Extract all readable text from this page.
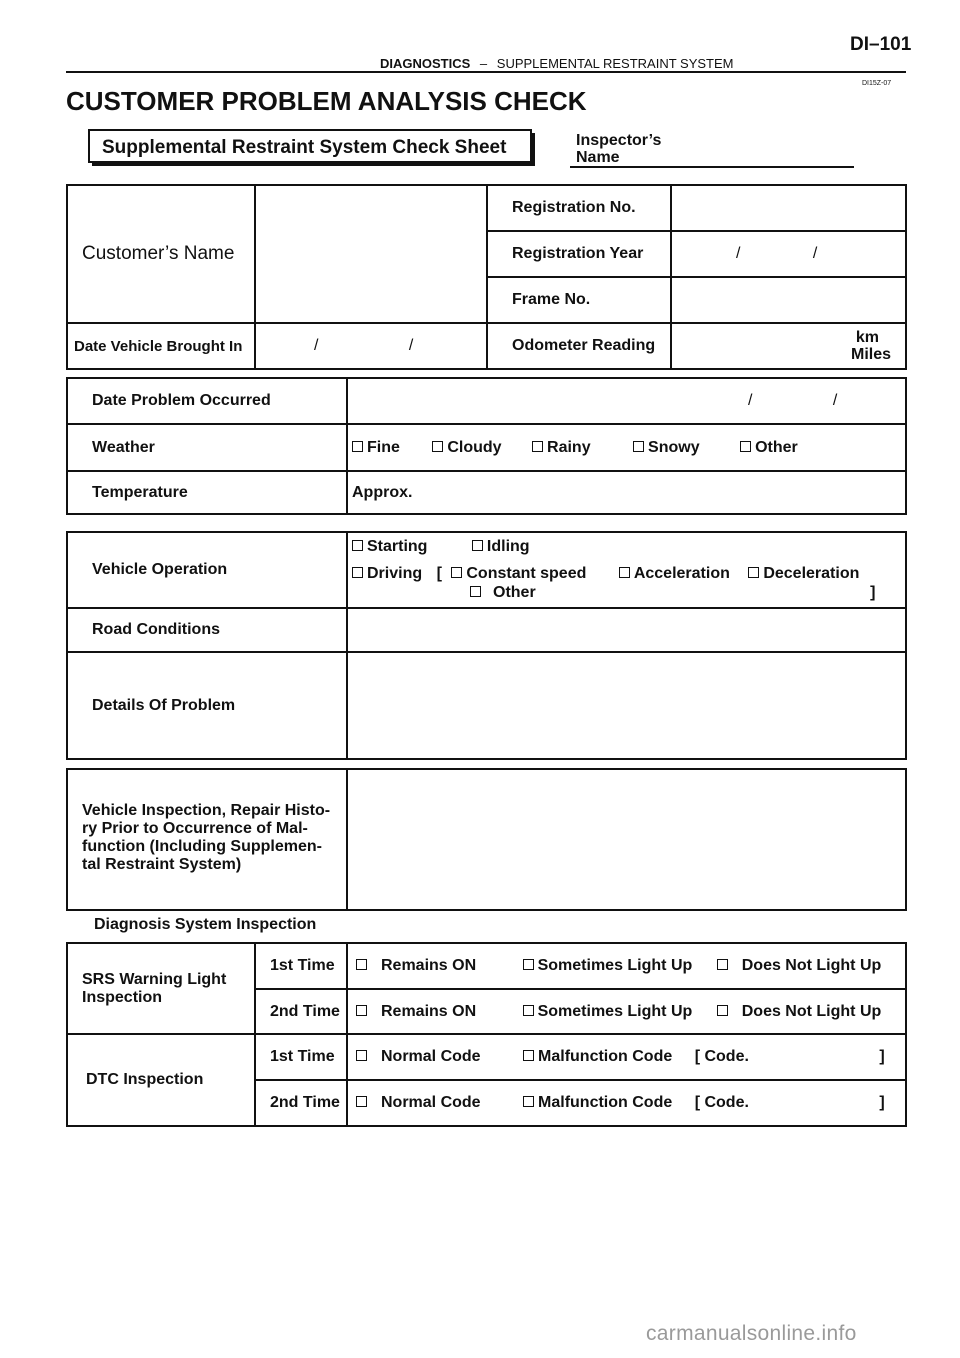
DI–101
DIAGNOSTICS – SUPPLEMENTAL RESTRAINT SYSTEM
DI15Z-07
CUSTOMER PROBLEM ANALYSIS CHECK
Supplemental Restraint System Check Sheet	Inspector’s
Name
Customer’s Name		Registration No.	
		Registration Year	/ /
		Frame No.	
Date Vehicle Brought In	/ /	Odometer Reading	km
Miles
Date Problem Occurred	/ /
Weather	Fine Cloudy Rainy Snowy Other
Temperature	Approx.
Vehicle Operation	Starting Idling
Driving [ Constant speed Acceleration Deceleration
Other ]

Road Conditions	
Details Of Problem	
Vehicle Inspection, Repair Histo-
ry Prior to Occurrence of Mal-
function (Including Supplemen-
tal Restraint System)

Diagnosis System Inspection
SRS Warning Light
Inspection	1st Time	Remains ON Sometimes Light Up Does Not Light Up
	2nd Time	Remains ON Sometimes Light Up Does Not Light Up
DTC Inspection	1st Time	Normal Code Malfunction Code [ Code. ]
	2nd Time	Normal Code Malfunction Code [ Code. ]
carmanualsonline.info
